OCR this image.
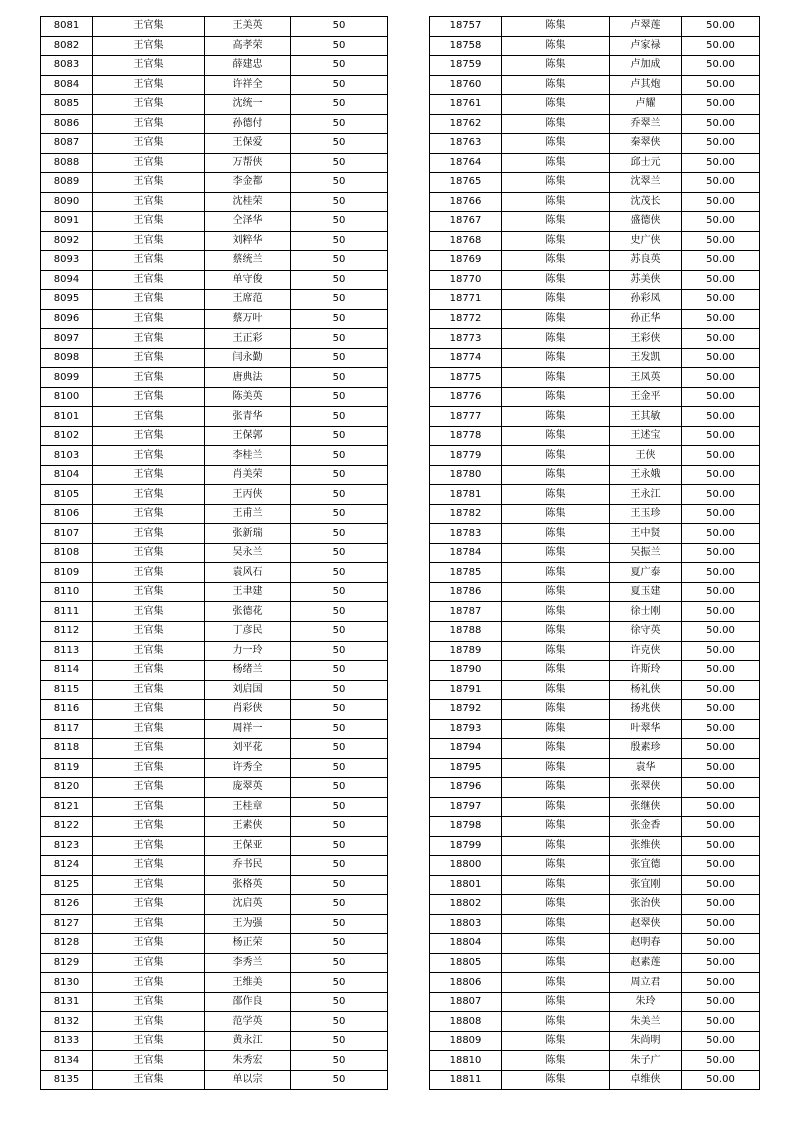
8081	王官集	王美英	50
8082	王官集	高孝荣	50
8083	王官集	薛建忠	50
8084	王官集	许祥全	50
8085	王官集	沈统一	50
8086	王官集	孙德付	50
8087	王官集	王保爱	50
8088	王官集	万帮侠	50
8089	王官集	李金都	50
8090	王官集	沈桂荣	50
8091	王官集	仝泽华	50
8092	王官集	刘粹华	50
8093	王官集	蔡统兰	50
8094	王官集	单守俊	50
8095	王官集	王席范	50
8096	王官集	蔡万叶	50
8097	王官集	王正彩	50
8098	王官集	闫永勤	50
8099	王官集	唐典法	50
8100	王官集	陈美英	50
8101	王官集	张青华	50
8102	王官集	王保郭	50
8103	王官集	李桂兰	50
8104	王官集	肖美荣	50
8105	王官集	王丙侠	50
8106	王官集	王甫兰	50
8107	王官集	张新瑞	50
8108	王官集	吴永兰	50
8109	王官集	袁风石	50
8110	王官集	王聿建	50
8111	王官集	张德花	50
8112	王官集	丁彦民	50
8113	王官集	力一玲	50
8114	王官集	杨绪兰	50
8115	王官集	刘启国	50
8116	王官集	肖彩侠	50
8117	王官集	周祥一	50
8118	王官集	刘平花	50
8119	王官集	许秀全	50
8120	王官集	庞翠英	50
8121	王官集	王桂章	50
8122	王官集	王素侠	50
8123	王官集	王保亚	50
8124	王官集	乔书民	50
8125	王官集	张格英	50
8126	王官集	沈启英	50
8127	王官集	王为强	50
8128	王官集	杨正荣	50
8129	王官集	李秀兰	50
8130	王官集	王维美	50
8131	王官集	邵作良	50
8132	王官集	范学英	50
8133	王官集	黄永江	50
8134	王官集	朱秀宏	50
8135	王官集	单以宗	50
18757	陈集	卢翠莲	50.00
18758	陈集	卢家禄	50.00
18759	陈集	卢加成	50.00
18760	陈集	卢其炮	50.00
18761	陈集	卢耀	50.00
18762	陈集	乔翠兰	50.00
18763	陈集	秦翠侠	50.00
18764	陈集	邱士元	50.00
18765	陈集	沈翠兰	50.00
18766	陈集	沈茂长	50.00
18767	陈集	盛德侠	50.00
18768	陈集	史广侠	50.00
18769	陈集	苏良英	50.00
18770	陈集	苏美侠	50.00
18771	陈集	孙彩凤	50.00
18772	陈集	孙正华	50.00
18773	陈集	王彩侠	50.00
18774	陈集	王发凯	50.00
18775	陈集	王凤英	50.00
18776	陈集	王金平	50.00
18777	陈集	王其敏	50.00
18778	陈集	王述宝	50.00
18779	陈集	王侠	50.00
18780	陈集	王永娥	50.00
18781	陈集	王永江	50.00
18782	陈集	王玉珍	50.00
18783	陈集	王中贤	50.00
18784	陈集	吴振兰	50.00
18785	陈集	夏广泰	50.00
18786	陈集	夏玉建	50.00
18787	陈集	徐士刚	50.00
18788	陈集	徐守英	50.00
18789	陈集	许克侠	50.00
18790	陈集	许斯玲	50.00
18791	陈集	杨礼侠	50.00
18792	陈集	扬兆侠	50.00
18793	陈集	叶翠华	50.00
18794	陈集	殷素珍	50.00
18795	陈集	袁华	50.00
18796	陈集	张翠侠	50.00
18797	陈集	张继侠	50.00
18798	陈集	张金香	50.00
18799	陈集	张维侠	50.00
18800	陈集	张宜德	50.00
18801	陈集	张宜刚	50.00
18802	陈集	张治侠	50.00
18803	陈集	赵翠侠	50.00
18804	陈集	赵明春	50.00
18805	陈集	赵素莲	50.00
18806	陈集	周立君	50.00
18807	陈集	朱玲	50.00
18808	陈集	朱美兰	50.00
18809	陈集	朱尚明	50.00
18810	陈集	朱子广	50.00
18811	陈集	卓维侠	50.00
